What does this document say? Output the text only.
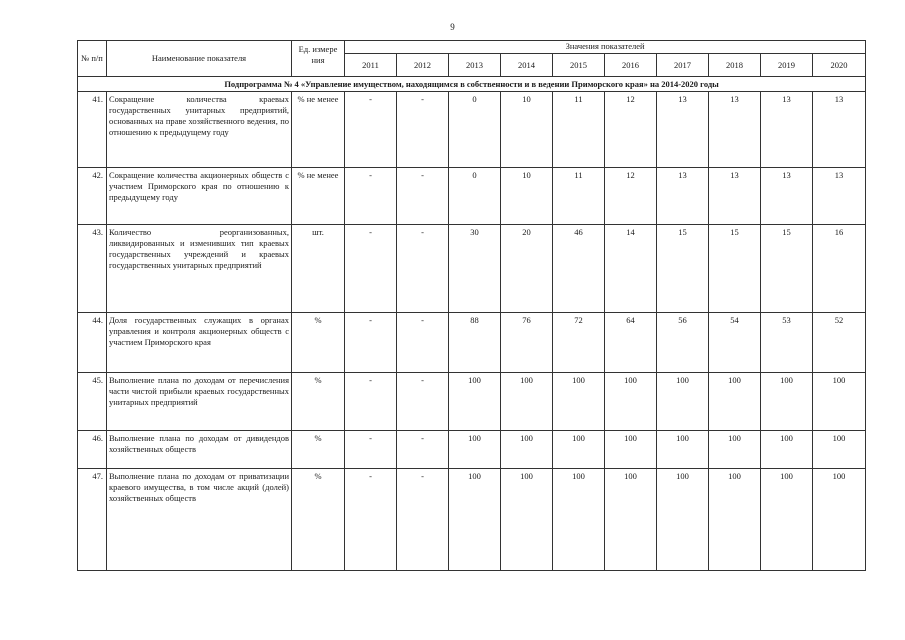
9
№ п/п	Наименование показателя	Ед. измере ния	Значения показателей									
			2011	2012	2013	2014	2015	2016	2017	2018	2019	2020
Подпрограмма № 4 «Управление имуществом, находящимся в собственности и в ведении Приморского края» на 2014-2020 годы												
41.	Сокращение количества краевых государственных унитарных предприятий, основанных на праве хозяйственного ведения, по отношению к предыдущему году	% не менее	-	-	0	10	11	12	13	13	13	13
42.	Сокращение количества акционерных обществ с участием Приморского края по отношению к предыдущему году	% не менее	-	-	0	10	11	12	13	13	13	13
43.	Количество реорганизованных, ликвидированных и изменивших тип краевых государственных учреждений и краевых государственных унитарных предприятий	шт.	-	-	30	20	46	14	15	15	15	16
44.	Доля государственных служащих в органах управления и контроля акционерных обществ с участием Приморского края	%	-	-	88	76	72	64	56	54	53	52
45.	Выполнение плана по доходам от перечисления части чистой прибыли краевых государственных унитарных предприятий	%	-	-	100	100	100	100	100	100	100	100
46.	Выполнение плана по доходам от дивидендов хозяйственных обществ	%	-	-	100	100	100	100	100	100	100	100
47.	Выполнение плана по доходам от приватизации краевого имущества, в том числе акций (долей) хозяйственных обществ	%	-	-	100	100	100	100	100	100	100	100
